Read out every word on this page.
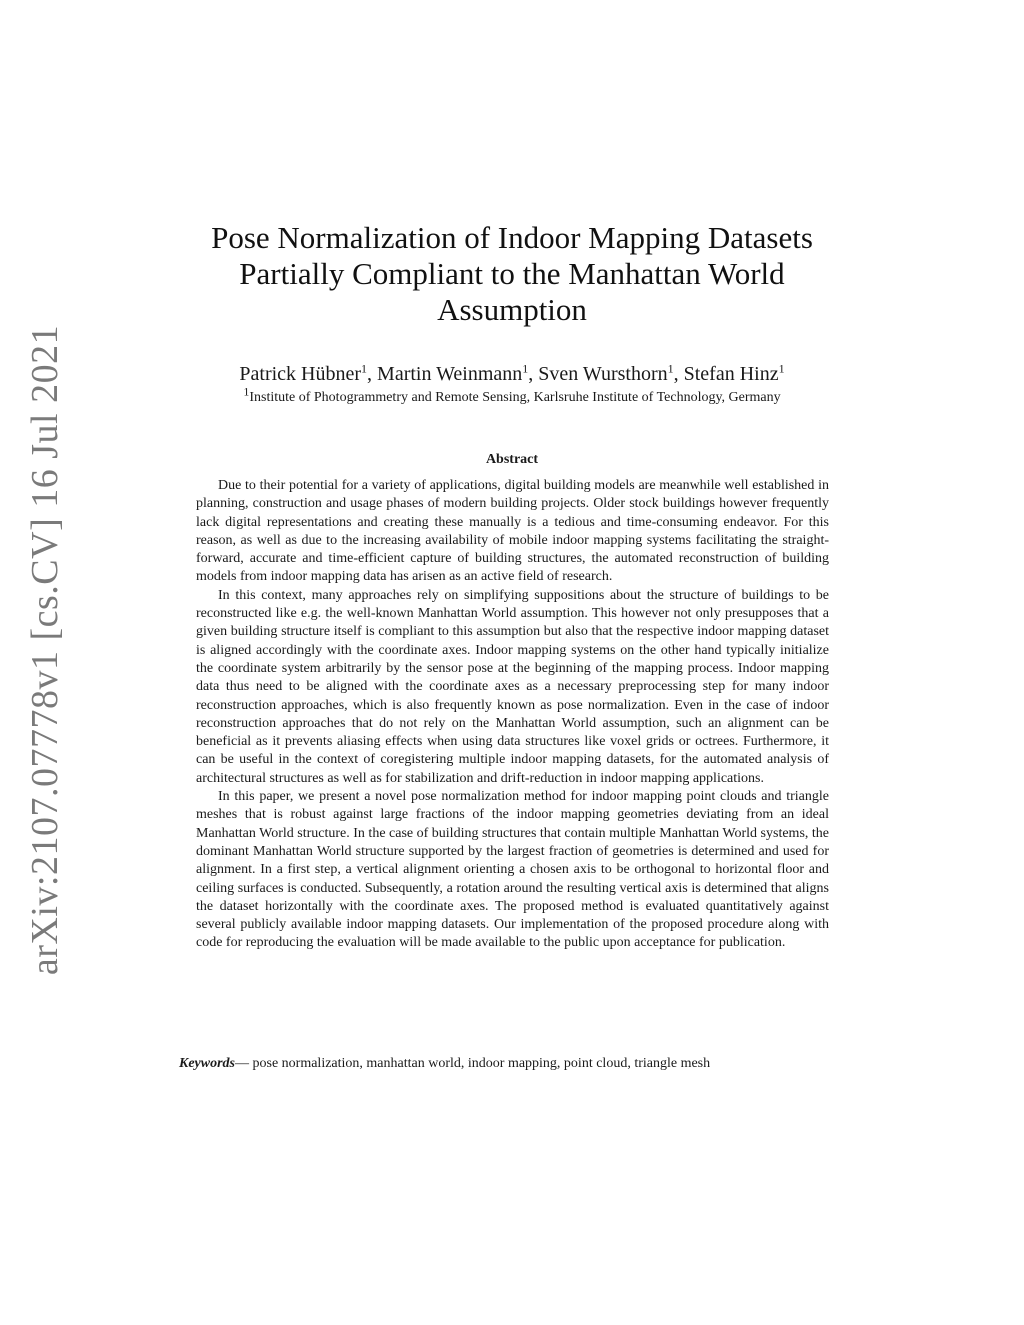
arXiv:2107.07778v1 [cs.CV] 16 Jul 2021
Pose Normalization of Indoor Mapping Datasets
Partially Compliant to the Manhattan World
Assumption
Patrick Hübner$^1$, Martin Weinmann$^1$, Sven Wursthorn$^1$, Stefan Hinz$^1$
$^1$Institute of Photogrammetry and Remote Sensing, Karlsruhe Institute of Technology, Germany
Abstract

Due to their potential for a variety of applications, digital building models are meanwhile well established in planning, construction and usage phases of modern building projects. Older stock buildings however frequently lack digital representations and creating these manually is a tedious and time-consuming endeavor. For this reason, as well as due to the increasing availability of mobile indoor mapping systems facilitating the straight-forward, accurate and time-efficient capture of building structures, the automated reconstruction of building models from indoor mapping data has arisen as an active field of research.

In this context, many approaches rely on simplifying suppositions about the structure of buildings to be reconstructed like e.g. the well-known Manhattan World assumption. This however not only presupposes that a given building structure itself is compliant to this assumption but also that the respective indoor mapping dataset is aligned accordingly with the coordinate axes. Indoor mapping systems on the other hand typically initialize the coordinate system arbitrarily by the sensor pose at the beginning of the mapping process. Indoor mapping data thus need to be aligned with the coordinate axes as a necessary preprocessing step for many indoor reconstruction approaches, which is also frequently known as pose normalization. Even in the case of indoor reconstruction approaches that do not rely on the Manhattan World assumption, such an alignment can be beneficial as it prevents aliasing effects when using data structures like voxel grids or octrees. Furthermore, it can be useful in the context of coregistering multiple indoor mapping datasets, for the automated analysis of architectural structures as well as for stabilization and drift-reduction in indoor mapping applications.

In this paper, we present a novel pose normalization method for indoor mapping point clouds and triangle meshes that is robust against large fractions of the indoor mapping geometries deviating from an ideal Manhattan World structure. In the case of building structures that contain multiple Manhattan World systems, the dominant Manhattan World structure supported by the largest fraction of geometries is determined and used for alignment. In a first step, a vertical alignment orienting a chosen axis to be orthogonal to horizontal floor and ceiling surfaces is conducted. Subsequently, a rotation around the resulting vertical axis is determined that aligns the dataset horizontally with the coordinate axes. The proposed method is evaluated quantitatively against several publicly available indoor mapping datasets. Our implementation of the proposed procedure along with code for reproducing the evaluation will be made available to the public upon acceptance for publication.

Keywords— pose normalization, manhattan world, indoor mapping, point cloud, triangle mesh
